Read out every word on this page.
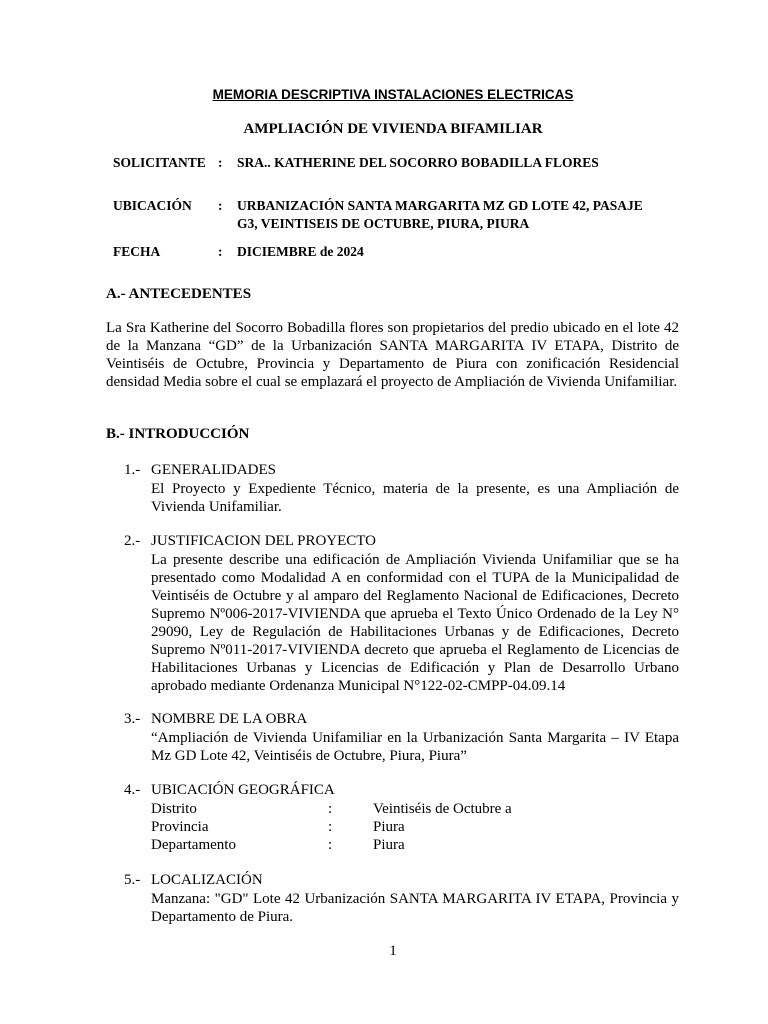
MEMORIA DESCRIPTIVA INSTALACIONES ELECTRICAS
AMPLIACIÓN DE VIVIENDA BIFAMILIAR
SOLICITANTE : SRA.. KATHERINE DEL SOCORRO BOBADILLA FLORES
UBICACIÓN : URBANIZACIÓN SANTA MARGARITA MZ GD LOTE 42, PASAJE G3, VEINTISEIS DE OCTUBRE, PIURA, PIURA
FECHA	: DICIEMBRE de 2024
A.- ANTECEDENTES
La Sra Katherine del Socorro Bobadilla flores son propietarios del predio ubicado en el lote 42 de la Manzana “GD” de la Urbanización SANTA MARGARITA IV ETAPA, Distrito de Veintiséis de Octubre, Provincia y Departamento de Piura con zonificación Residencial densidad Media sobre el cual se emplazará el proyecto de Ampliación de Vivienda Unifamiliar.
B.- INTRODUCCIÓN
1.- GENERALIDADES
El Proyecto y Expediente Técnico, materia de la presente, es una Ampliación de Vivienda Unifamiliar.
2.- JUSTIFICACION DEL PROYECTO
La presente describe una edificación de Ampliación Vivienda Unifamiliar que se ha presentado como Modalidad A en conformidad con el TUPA de la Municipalidad de Veintiséis de Octubre y al amparo del Reglamento Nacional de Edificaciones, Decreto Supremo Nº006-2017-VIVIENDA que aprueba el Texto Único Ordenado de la Ley N° 29090, Ley de Regulación de Habilitaciones Urbanas y de Edificaciones, Decreto Supremo Nº011-2017-VIVIENDA decreto que aprueba el Reglamento de Licencias de Habilitaciones Urbanas y Licencias de Edificación y Plan de Desarrollo Urbano aprobado mediante Ordenanza Municipal N°122-02-CMPP-04.09.14
3.- NOMBRE DE LA OBRA
“Ampliación de Vivienda Unifamiliar en la Urbanización Santa Margarita – IV Etapa Mz GD Lote 42, Veintiséis de Octubre, Piura, Piura”
4.- UBICACIÓN GEOGRÁFICA
Distrito	:	Veintiséis de Octubre a
Provincia	:	Piura
Departamento	:	Piura
5.- LOCALIZACIÓN
Manzana: "GD" Lote 42 Urbanización SANTA MARGARITA IV ETAPA, Provincia y Departamento de Piura.
1
